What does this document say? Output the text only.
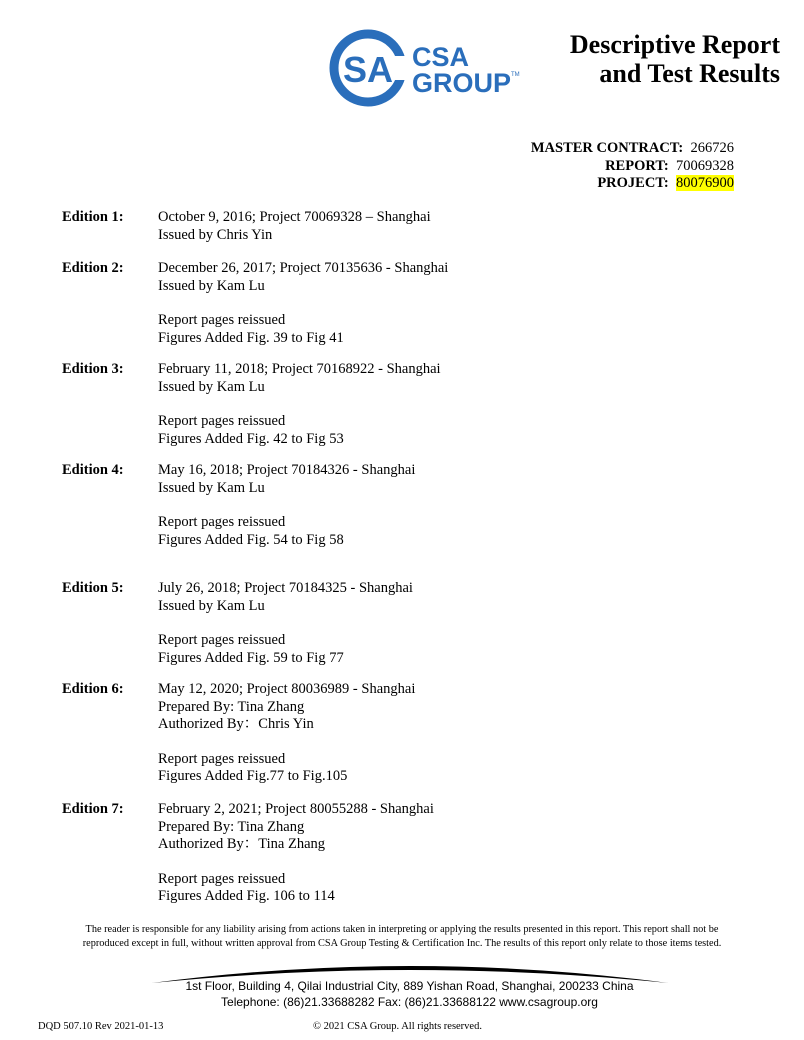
SA CSA
GROUP TM
Descriptive Report
and Test Results
MASTER CONTRACT: 266726
REPORT: 70069328
PROJECT: 80076900
Edition 1: October 9, 2016; Project 70069328 – Shanghai
Issued by Chris Yin
Edition 2: December 26, 2017; Project 70135636 - Shanghai
Issued by Kam Lu
Report pages reissued
Figures Added Fig. 39 to Fig 41
Edition 3: February 11, 2018; Project 70168922 - Shanghai
Issued by Kam Lu
Report pages reissued
Figures Added Fig. 42 to Fig 53
Edition 4: May 16, 2018; Project 70184326 - Shanghai
Issued by Kam Lu
Report pages reissued
Figures Added Fig. 54 to Fig 58
Edition 5: July 26, 2018; Project 70184325 - Shanghai
Issued by Kam Lu
Report pages reissued
Figures Added Fig. 59 to Fig 77
Edition 6: May 12, 2020; Project 80036989 - Shanghai
Prepared By: Tina Zhang
Authorized By：Chris Yin
Report pages reissued
Figures Added Fig.77 to Fig.105
Edition 7: February 2, 2021; Project 80055288 - Shanghai
Prepared By: Tina Zhang
Authorized By：Tina Zhang
Report pages reissued
Figures Added Fig. 106 to 114
The reader is responsible for any liability arising from actions taken in interpreting or applying the results presented in this report. This report shall not be
reproduced except in full, without written approval from CSA Group Testing & Certification Inc. The results of this report only relate to those items tested.
1st Floor, Building 4, Qilai Industrial City, 889 Yishan Road, Shanghai, 200233 China
Telephone: (86)21.33688282 Fax: (86)21.33688122 www.csagroup.org
DQD 507.10 Rev 2021-01-13	© 2021 CSA Group. All rights reserved.
